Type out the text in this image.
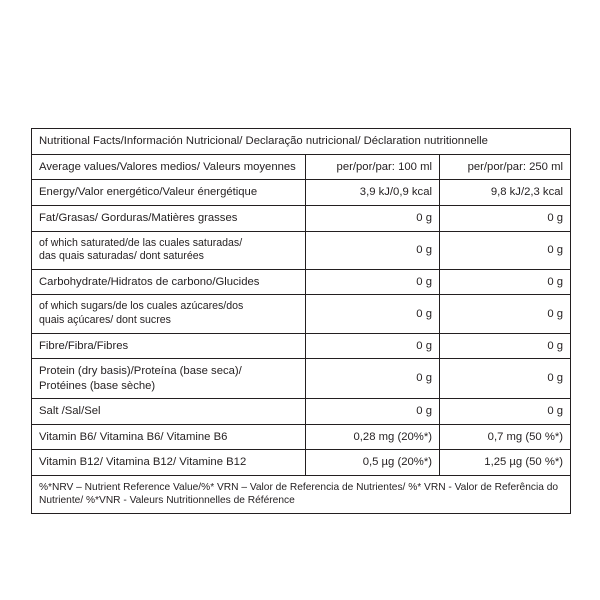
Nutritional Facts/Información Nutricional/ Declaração nutricional/ Déclaration nutritionnelle		
Average values/Valores medios/ Valeurs moyennes	per/por/par: 100 ml	per/por/par: 250 ml
Energy/Valor energético/Valeur énergétique	3,9 kJ/0,9 kcal	9,8 kJ/2,3 kcal
Fat/Grasas/ Gorduras/Matières grasses	0 g	0 g
of which saturated/de las cuales saturadas/
das quais saturadas/ dont saturées	0 g	0 g
Carbohydrate/Hidratos de carbono/Glucides	0 g	0 g
of which sugars/de los cuales azúcares/dos
quais açúcares/ dont sucres	0 g	0 g
Fibre/Fibra/Fibres	0 g	0 g
Protein (dry basis)/Proteína (base seca)/
Protéines (base sèche)	0 g	0 g
Salt /Sal/Sel	0 g	0 g
Vitamin B6/ Vitamina B6/ Vitamine B6	0,28 mg (20%*)	0,7 mg (50 %*)
Vitamin B12/ Vitamina B12/ Vitamine B12	0,5 µg (20%*)	1,25 µg (50 %*)
%*NRV – Nutrient Reference Value/%* VRN – Valor de Referencia de Nutrientes/ %* VRN - Valor de Referência do Nutriente/ %*VNR - Valeurs Nutritionnelles de Référence		
